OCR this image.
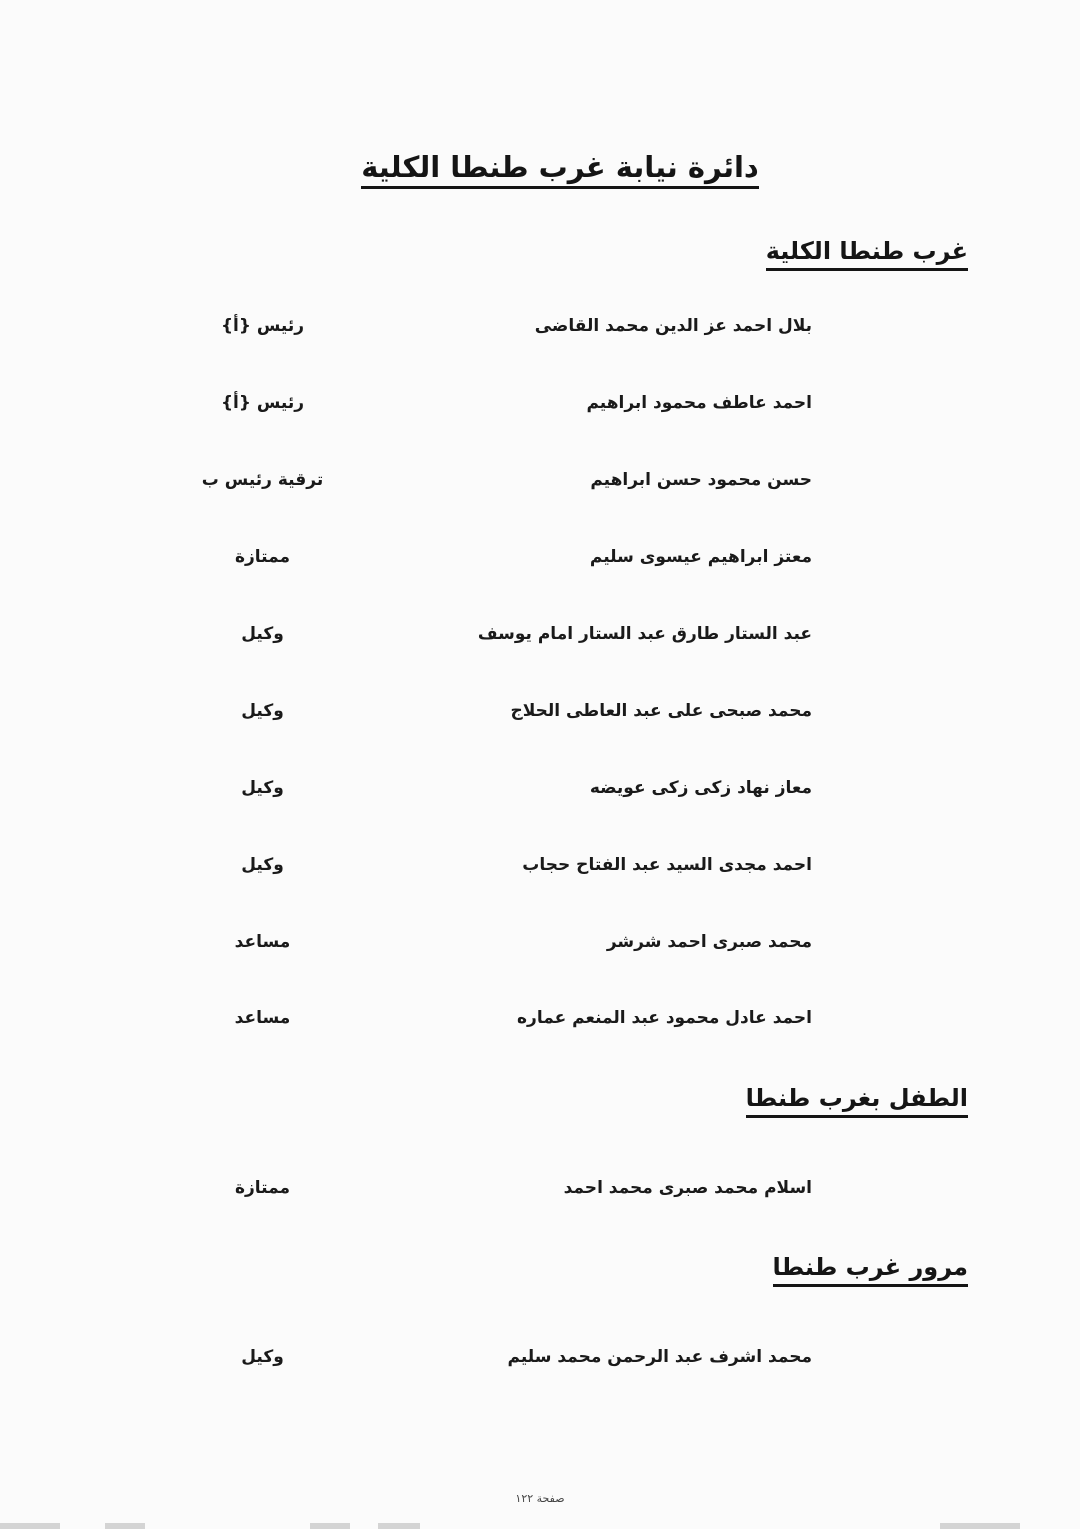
دائرة نيابة غرب طنطا الكلية
غرب طنطا الكلية
بلال احمد عز الدين محمد القاضى
رئيس {أ}
احمد عاطف محمود ابراهيم
رئيس {أ}
حسن محمود حسن ابراهيم
ترقية رئيس ب
معتز ابراهيم عيسوى سليم
ممتازة
عبد الستار طارق عبد الستار امام يوسف
وكيل
محمد صبحى على عبد العاطى الحلاج
وكيل
معاز نهاد زكى زكى عويضه
وكيل
احمد مجدى السيد عبد الفتاح حجاب
وكيل
محمد صبرى احمد شرشر
مساعد
احمد عادل محمود عبد المنعم عماره
مساعد
الطفل بغرب طنطا
اسلام محمد صبرى محمد احمد
ممتازة
مرور غرب طنطا
محمد اشرف عبد الرحمن محمد سليم
وكيل
صفحة ١٢٢
